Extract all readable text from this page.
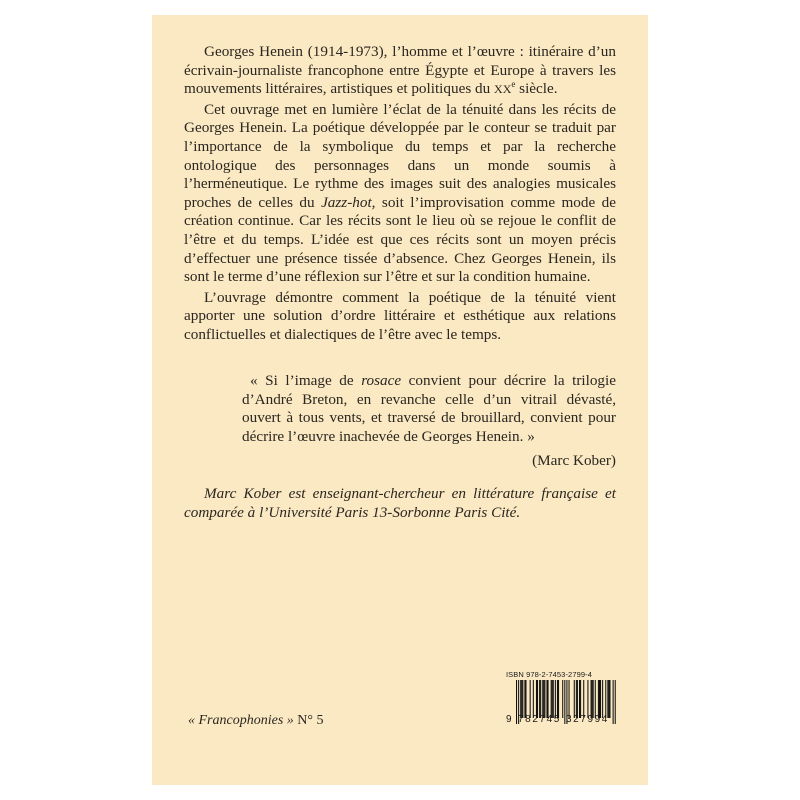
Georges Henein (1914-1973), l’homme et l’œuvre : itinéraire d’un écrivain-journaliste francophone entre Égypte et Europe à travers les mouvements littéraires, artistiques et politiques du XXe siècle.

Cet ouvrage met en lumière l’éclat de la ténuité dans les récits de Georges Henein. La poétique développée par le conteur se traduit par l’importance de la symbolique du temps et par la recherche ontologique des personnages dans un monde soumis à l’herméneutique. Le rythme des images suit des analogies musicales proches de celles du Jazz-hot, soit l’improvisation comme mode de création continue. Car les récits sont le lieu où se rejoue le conflit de l’être et du temps. L’idée est que ces récits sont un moyen précis d’effectuer une présence tissée d’absence. Chez Georges Henein, ils sont le terme d’une réflexion sur l’être et sur la condition humaine.

L’ouvrage démontre comment la poétique de la ténuité vient apporter une solution d’ordre littéraire et esthétique aux relations conflictuelles et dialectiques de l’être avec le temps.

« Si l’image de rosace convient pour décrire la trilogie d’André Breton, en revanche celle d’un vitrail dévasté, ouvert à tous vents, et traversé de brouillard, convient pour décrire l’œuvre inachevée de Georges Henein. »

(Marc Kober)

Marc Kober est enseignant-chercheur en littérature française et comparée à l’Université Paris 13-Sorbonne Paris Cité.

« Francophonies » N° 5
ISBN 978-2-7453-2799-4
9 782745 327994
